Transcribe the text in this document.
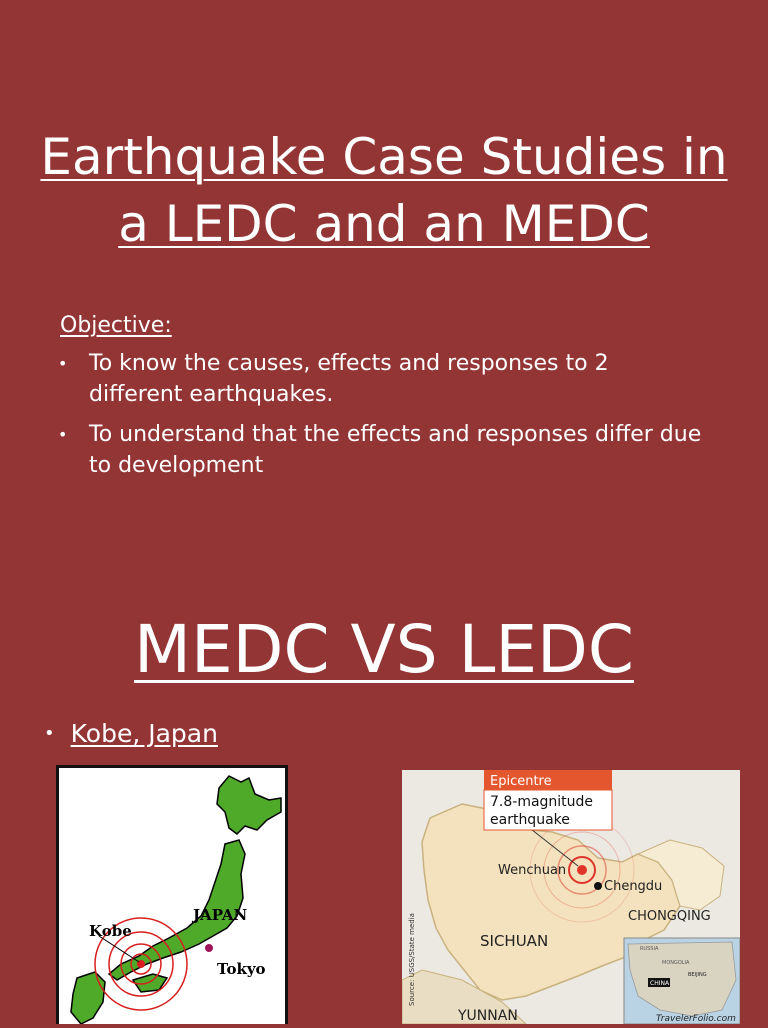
Earthquake Case Studies in a LEDC and an MEDC
Objective:
• To know the causes, effects and responses to 2 different earthquakes.
• To understand that the effects and responses differ due to development
MEDC VS LEDC
• Kobe, Japan
Kobe
JAPAN
Tokyo
Epicentre
7.8-magnitude
earthquake
Wenchuan
Chengdu
CHONGQING
SICHUAN
YUNNAN
Source: USGS/State media	RUSSIA
MONGOLIA
BEIJING
CHINA
TravelerFolio.com
